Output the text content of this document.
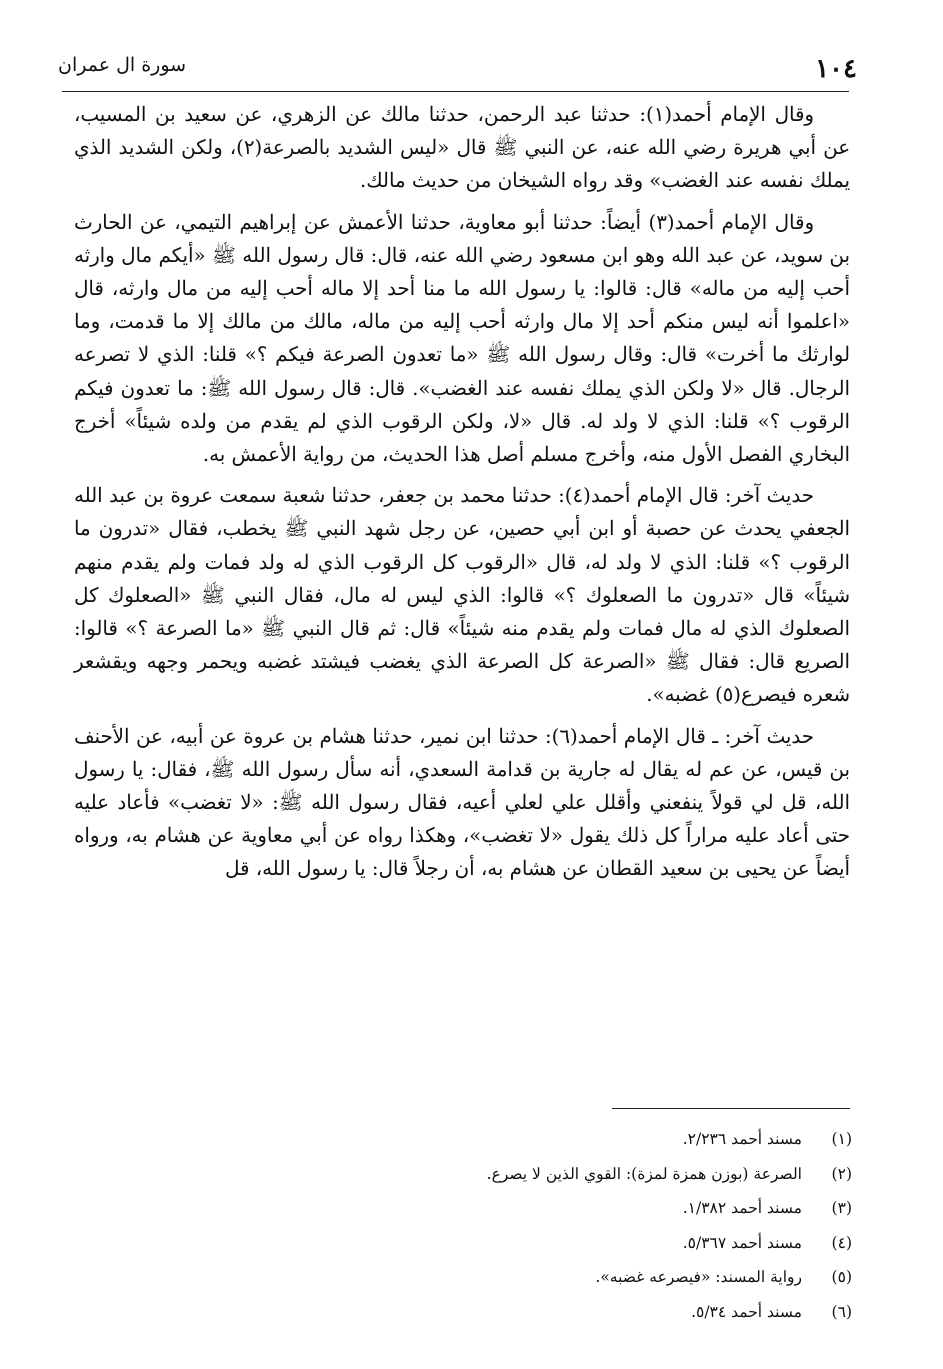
١٠٤
سورة ال عمران

وقال الإمام أحمد(١): حدثنا عبد الرحمن، حدثنا مالك عن الزهري، عن سعيد بن المسيب، عن أبي هريرة رضي الله عنه، عن النبي ﷺ قال «ليس الشديد بالصرعة(٢)، ولكن الشديد الذي يملك نفسه عند الغضب» وقد رواه الشيخان من حديث مالك.

وقال الإمام أحمد(٣) أيضاً: حدثنا أبو معاوية، حدثنا الأعمش عن إبراهيم التيمي، عن الحارث بن سويد، عن عبد الله وهو ابن مسعود رضي الله عنه، قال: قال رسول الله ﷺ «أيكم مال وارثه أحب إليه من ماله» قال: قالوا: يا رسول الله ما منا أحد إلا ماله أحب إليه من مال وارثه، قال «اعلموا أنه ليس منكم أحد إلا مال وارثه أحب إليه من ماله، مالك من مالك إلا ما قدمت، وما لوارثك ما أخرت» قال: وقال رسول الله ﷺ «ما تعدون الصرعة فيكم ؟» قلنا: الذي لا تصرعه الرجال. قال «لا ولكن الذي يملك نفسه عند الغضب». قال: قال رسول الله ﷺ: ما تعدون فيكم الرقوب ؟» قلنا: الذي لا ولد له. قال «لا، ولكن الرقوب الذي لم يقدم من ولده شيئاً» أخرج البخاري الفصل الأول منه، وأخرج مسلم أصل هذا الحديث، من رواية الأعمش به.

حديث آخر: قال الإمام أحمد(٤): حدثنا محمد بن جعفر، حدثنا شعبة سمعت عروة بن عبد الله الجعفي يحدث عن حصبة أو ابن أبي حصين، عن رجل شهد النبي ﷺ يخطب، فقال «تدرون ما الرقوب ؟» قلنا: الذي لا ولد له، قال «الرقوب كل الرقوب الذي له ولد فمات ولم يقدم منهم شيئاً» قال «تدرون ما الصعلوك ؟» قالوا: الذي ليس له مال، فقال النبي ﷺ «الصعلوك كل الصعلوك الذي له مال فمات ولم يقدم منه شيئاً» قال: ثم قال النبي ﷺ «ما الصرعة ؟» قالوا: الصريع قال: فقال ﷺ «الصرعة كل الصرعة الذي يغضب فيشتد غضبه ويحمر وجهه ويقشعر شعره فيصرع(٥) غضبه».

حديث آخر: ـ قال الإمام أحمد(٦): حدثنا ابن نمير، حدثنا هشام بن عروة عن أبيه، عن الأحنف بن قيس، عن عم له يقال له جارية بن قدامة السعدي، أنه سأل رسول الله ﷺ، فقال: يا رسول الله، قل لي قولاً ينفعني وأقلل علي لعلي أعيه، فقال رسول الله ﷺ: «لا تغضب» فأعاد عليه حتى أعاد عليه مراراً كل ذلك يقول «لا تغضب»، وهكذا رواه عن أبي معاوية عن هشام به، ورواه أيضاً عن يحيى بن سعيد القطان عن هشام به، أن رجلاً قال: يا رسول الله، قل

(١)
مسند أحمد ٢/٢٣٦.
(٢)
الصرعة (بوزن همزة لمزة): القوي الذين لا يصرع.
(٣)
مسند أحمد ١/٣٨٢.
(٤)
مسند أحمد ٥/٣٦٧.
(٥)
رواية المسند: «فيصرعه غضبه».
(٦)
مسند أحمد ٥/٣٤.
